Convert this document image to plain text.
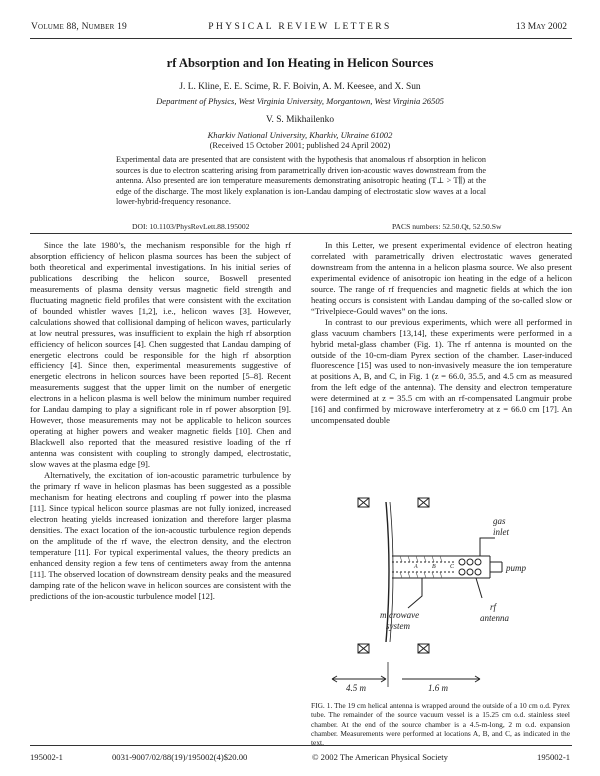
PHYSICAL REVIEW LETTERS
Volume 88, Number 19	13 May 2002
rf Absorption and Ion Heating in Helicon Sources
J. L. Kline, E. E. Scime, R. F. Boivin, A. M. Keesee, and X. Sun
Department of Physics, West Virginia University, Morgantown, West Virginia 26505
V. S. Mikhailenko
Kharkiv National University, Kharkiv, Ukraine 61002
(Received 15 October 2001; published 24 April 2002)
Experimental data are presented that are consistent with the hypothesis that anomalous rf absorption in helicon sources is due to electron scattering arising from parametrically driven ion-acoustic waves downstream from the antenna. Also presented are ion temperature measurements demonstrating anisotropic heating (T⊥ > T∥) at the edge of the discharge. The most likely explanation is ion-Landau damping of electrostatic slow waves at a local lower-hybrid-frequency resonance.
DOI: 10.1103/PhysRevLett.88.195002	PACS numbers: 52.50.Qt, 52.50.Sw

Since the late 1980’s, the mechanism responsible for the high rf absorption efficiency of helicon plasma sources has been the subject of both theoretical and experimental investigations. In his initial series of publications describing the helicon source, Boswell presented measurements of plasma density versus magnetic field strength and fluctuating magnetic field profiles that were consistent with the excitation of bounded whistler waves [1,2], i.e., helicon waves [3]. However, calculations showed that collisional damping of helicon waves, particularly at low neutral pressures, was insufficient to explain the high rf absorption efficiency of helicon sources [4]. Chen suggested that Landau damping of energetic electrons could be responsible for the high rf absorption efficiency [4]. Since then, experimental measurements suggestive of energetic electrons in helicon sources have been reported [5–8]. Recent measurements suggest that the upper limit on the number of energetic electrons in a helicon plasma is well below the minimum number required for Landau damping to play a significant role in rf power absorption [9]. However, those measurements may not be applicable to helicon sources operating at higher powers and weaker magnetic fields [10]. Chen and Blackwell also reported that the measured resistive loading of the rf antenna was consistent with coupling to strongly damped, electrostatic, slow waves at the plasma edge [9].

Alternatively, the excitation of ion-acoustic parametric turbulence by the primary rf wave in helicon plasmas has been suggested as a possible mechanism for heating electrons and coupling rf power into the plasma [11]. Since typical helicon source plasmas are not fully ionized, increased electron heating yields increased ionization and therefore larger plasma densities. The exact location of the ion-acoustic turbulence region depends on the amplitude of the rf wave, the electron density, and the electron temperature [11]. For typical experimental values, the theory predicts an enhanced density region a few tens of centimeters away from the antenna [11]. The observed location of downstream density peaks and the measured damping rate of the helicon wave in helicon sources are consistent with the predictions of the ion-acoustic turbulence model [12].

In this Letter, we present experimental evidence of electron heating correlated with parametrically driven electrostatic waves generated downstream from the antenna in a helicon plasma source. We also present experimental evidence of anisotropic ion heating in the edge of a helicon source. The range of rf frequencies and magnetic fields at which the ion heating occurs is consistent with Landau damping of the so-called slow or “Trivelpiece-Gould waves” on the ions.

In contrast to our previous experiments, which were all performed in glass vacuum chambers [13,14], these experiments were performed in a hybrid metal-glass chamber (Fig. 1). The rf antenna is mounted on the outside of the 10-cm-diam Pyrex section of the chamber. Laser-induced fluorescence [15] was used to non-invasively measure the ion temperature at positions A, B, and C, in Fig. 1 (z = 66.0, 35.5, and 4.5 cm as measured from the left edge of the antenna). The density and electron temperature were determined at z = 35.5 cm with an rf-compensated Langmuir probe [16] and confirmed by microwave interferometry at z = 66.0 cm [17]. An uncompensated double

A B C
gas
inlet
pump
microwave
system
rf
antenna
4.5 m	1.6 m
FIG. 1. The 19 cm helical antenna is wrapped around the outside of a 10 cm o.d. Pyrex tube. The remainder of the source vacuum vessel is a 15.25 cm o.d. stainless steel chamber. At the end of the source chamber is a 4.5-m-long, 2 m o.d. expansion chamber. Measurements were performed at locations A, B, and C, as indicated in the text.
195002-1	0031-9007/02/88(19)/195002(4)$20.00	© 2002 The American Physical Society	195002-1
